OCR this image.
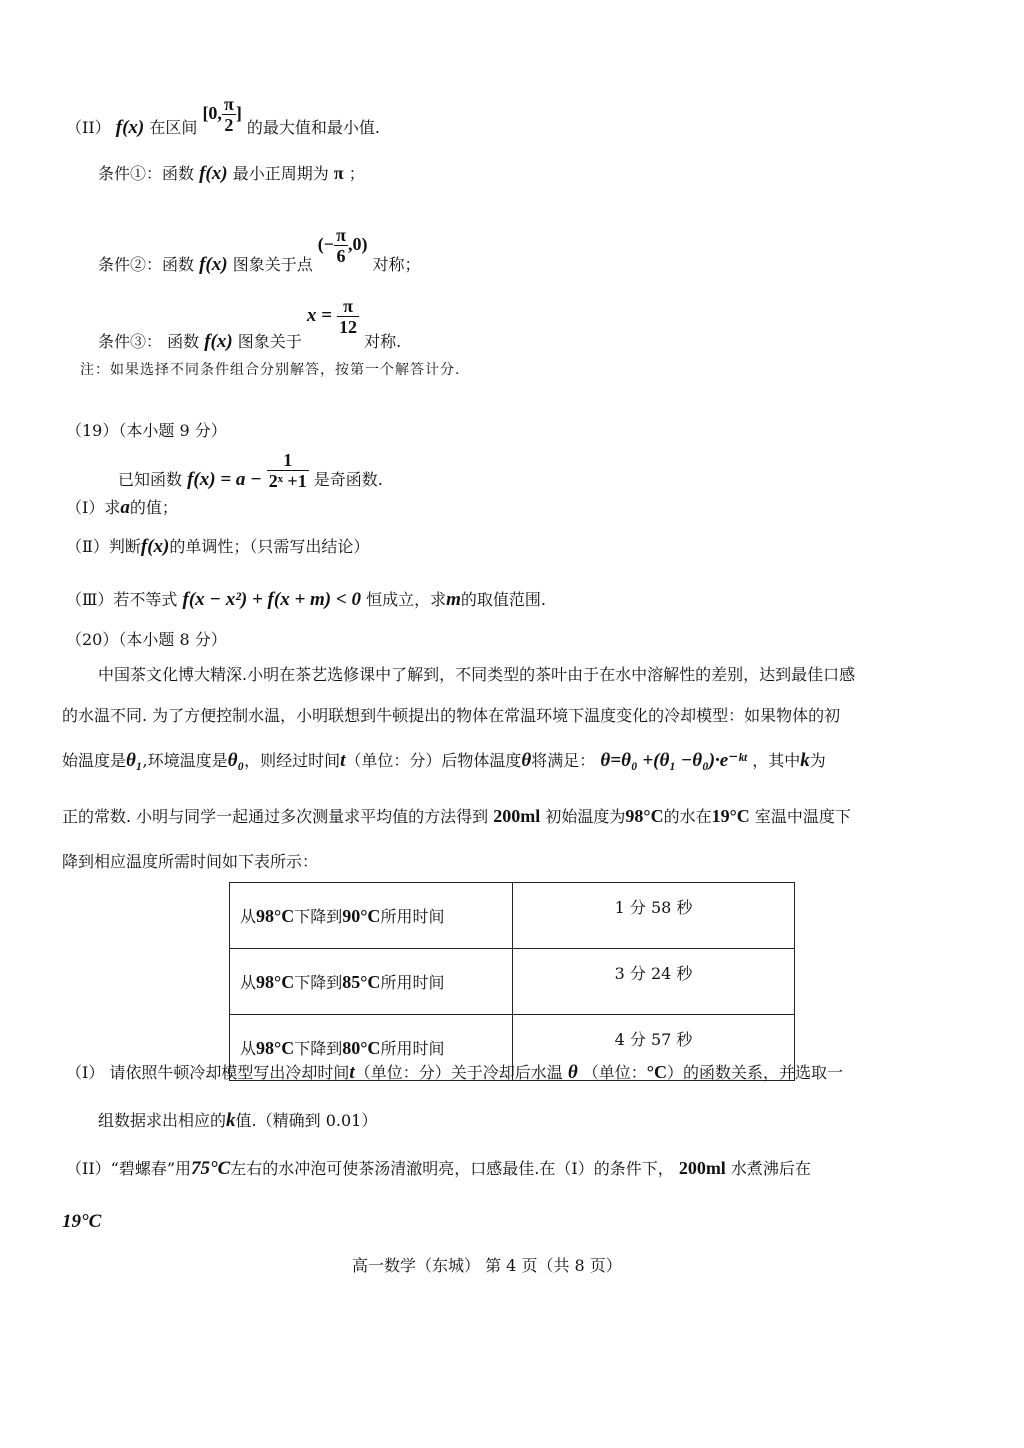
（II） f(x) 在区间 [0, $\frac{\pi}{2}$ ] 的最大值和最小值.
条件①：函数 f(x) 最小正周期为 π ；
条件②：函数 f(x) 图象关于点 (− $\frac{\pi}{6} ,0$) 对称；
条件③： 函数 f(x) 图象关于 $x = \frac{\pi}{12}$
对称.
注：如果选择不同条件组合分别解答，按第一个解答计分.
（19）（本小题 9 分）
已知函数 $f(x) = a - \frac{1}{\text{2ˣ +1}}$ 是奇函数.
（Ⅰ）求a的值；
（Ⅱ）判断f(x)的单调性；（只需写出结论）
（Ⅲ）若不等式 f(x − x²) + f(x + m) < 0 恒成立，求m的取值范围.
（20）（本小题 8 分）
中国茶文化博大精深.小明在茶艺选修课中了解到，不同类型的茶叶由于在水中溶解性的差别，达到最佳口感
的水温不同. 为了方便控制水温，小明联想到牛顿提出的物体在常温环境下温度变化的冷却模型：如果物体的初
始温度是θ₁,环境温度是θ₀，则经过时间t（单位：分）后物体温度θ将满足： θ=θ₀ +(θ₁ −θ₀)·e⁻ᵏᵗ ，其中k为
正的常数. 小明与同学一起通过多次测量求平均值的方法得到 200ml 初始温度为98°C的水在19°C 室温中温度下
降到相应温度所需时间如下表所示：
从98°C下降到90°C所用时间	1 分 58 秒
从98°C下降到85°C所用时间	3 分 24 秒
从98°C下降到80°C所用时间	4 分 57 秒
（I） 请依照牛顿冷却模型写出冷却时间t（单位：分）关于冷却后水温 θ （单位：°C）的函数关系，并选取一
组数据求出相应的k值.（精确到 0.01）
（II）“碧螺春”用75°C左右的水冲泡可使茶汤清澈明亮，口感最佳.在（I）的条件下， 200ml 水煮沸后在
19°C
高一数学（东城） 第 4 页（共 8 页）
